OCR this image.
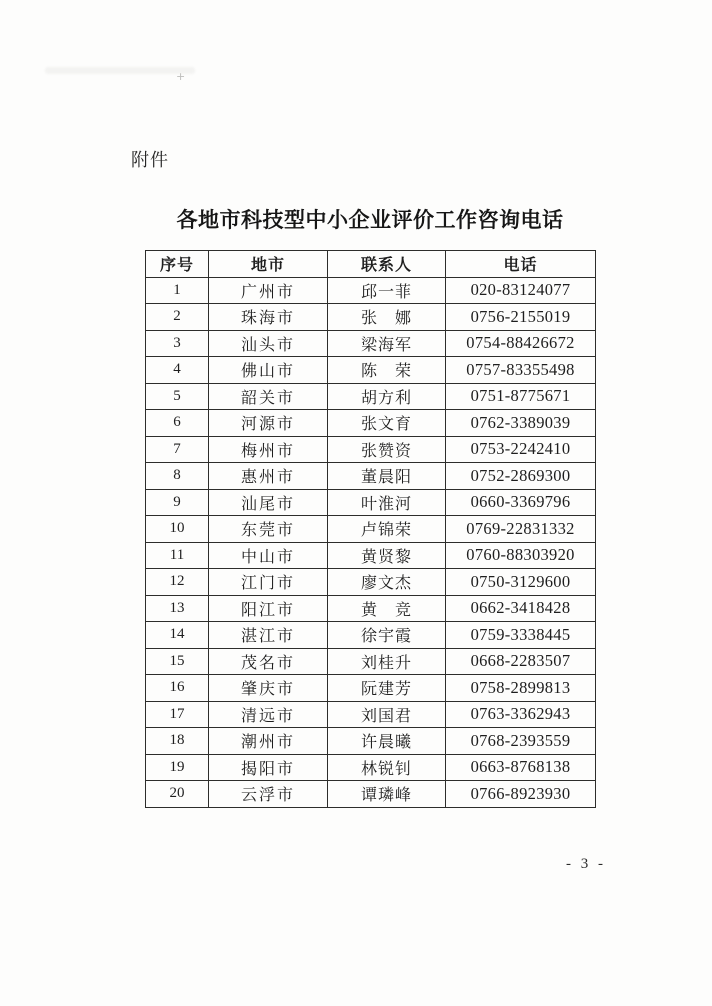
+
附件
各地市科技型中小企业评价工作咨询电话
序号	地市	联系人	电话
1	广州市	邱一菲	020-83124077
2	珠海市	张　娜	0756-2155019
3	汕头市	梁海军	0754-88426672
4	佛山市	陈　荣	0757-83355498
5	韶关市	胡方利	0751-8775671
6	河源市	张文育	0762-3389039
7	梅州市	张赞资	0753-2242410
8	惠州市	董晨阳	0752-2869300
9	汕尾市	叶淮河	0660-3369796
10	东莞市	卢锦荣	0769-22831332
11	中山市	黄贤黎	0760-88303920
12	江门市	廖文杰	0750-3129600
13	阳江市	黄　竞	0662-3418428
14	湛江市	徐宇霞	0759-3338445
15	茂名市	刘桂升	0668-2283507
16	肇庆市	阮建芳	0758-2899813
17	清远市	刘国君	0763-3362943
18	潮州市	许晨曦	0768-2393559
19	揭阳市	林锐钊	0663-8768138
20	云浮市	谭璘峰	0766-8923930
- 3 -
